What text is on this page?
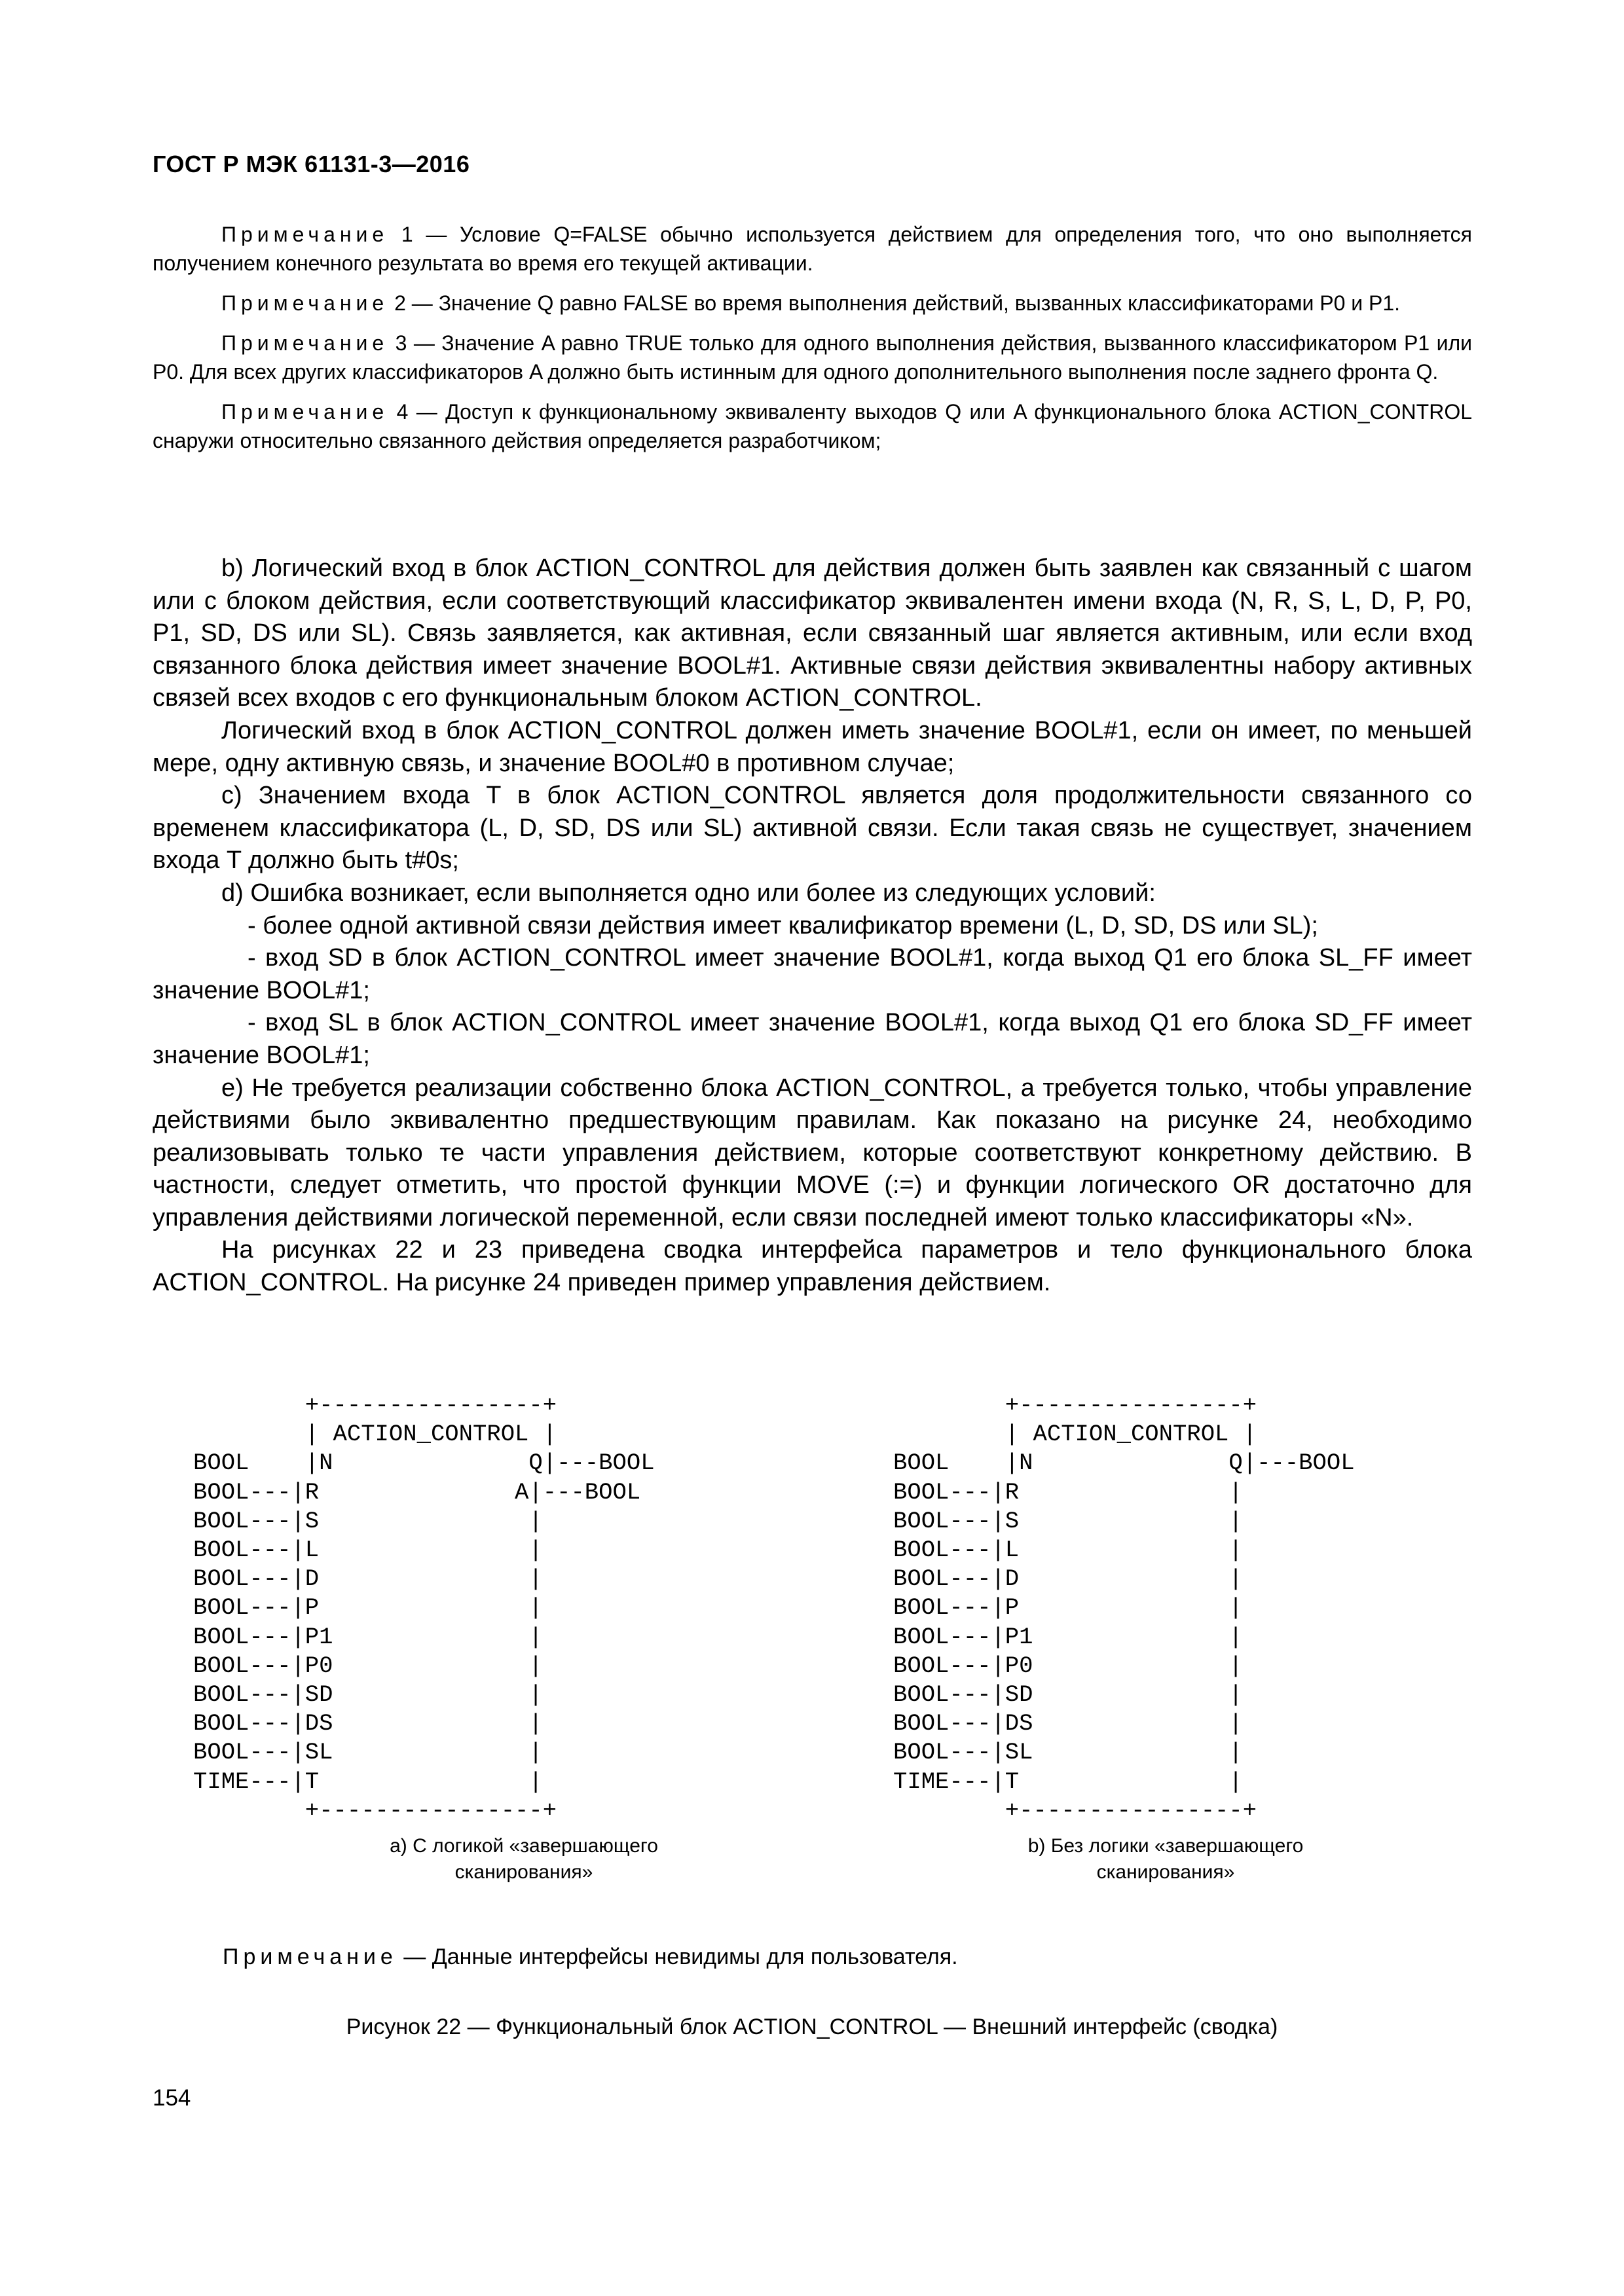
ГОСТ Р МЭК 61131-3—2016

Примечание 1 — Условие Q=FALSE обычно используется действием для определения того, что оно выполняется получением конечного результата во время его текущей активации.

Примечание 2 — Значение Q равно FALSE во время выполнения действий, вызванных классификаторами P0 и P1.

Примечание 3 — Значение A равно TRUE только для одного выполнения действия, вызванного классификатором P1 или P0. Для всех других классификаторов A должно быть истинным для одного дополнительного выполнения после заднего фронта Q.

Примечание 4 — Доступ к функциональному эквиваленту выходов Q или A функционального блока ACTION_CONTROL снаружи относительно связанного действия определяется разработчиком;

b) Логический вход в блок ACTION_CONTROL для действия должен быть заявлен как связанный с шагом или с блоком действия, если соответствующий классификатор эквивалентен имени входа (N, R, S, L, D, P, P0, P1, SD, DS или SL). Связь заявляется, как активная, если связанный шаг является активным, или если вход связанного блока действия имеет значение BOOL#1. Активные связи действия эквивалентны набору активных связей всех входов с его функциональным блоком ACTION_CONTROL.

Логический вход в блок ACTION_CONTROL должен иметь значение BOOL#1, если он имеет, по меньшей мере, одну активную связь, и значение BOOL#0 в противном случае;

c) Значением входа T в блок ACTION_CONTROL является доля продолжительности связанного со временем классификатора (L, D, SD, DS или SL) активной связи. Если такая связь не существует, значением входа T должно быть t#0s;

d) Ошибка возникает, если выполняется одно или более из следующих условий:

- более одной активной связи действия имеет квалификатор времени (L, D, SD, DS или SL);

- вход SD в блок ACTION_CONTROL имеет значение BOOL#1, когда выход Q1 его блока SL_FF имеет значение BOOL#1;

- вход SL в блок ACTION_CONTROL имеет значение BOOL#1, когда выход Q1 его блока SD_FF имеет значение BOOL#1;

e) Не требуется реализации собственно блока ACTION_CONTROL, а требуется только, чтобы управление действиями было эквивалентно предшествующим правилам. Как показано на рисунке 24, необходимо реализовывать только те части управления действием, которые соответствуют конкретному действию. В частности, следует отметить, что простой функции MOVE (:=) и функции логического OR достаточно для управления действиями логической переменной, если связи последней имеют только классификаторы «N».

На рисунках 22 и 23 приведена сводка интерфейса параметров и тело функционального блока ACTION_CONTROL. На рисунке 24 приведен пример управления действием.

+----------------+
| ACTION_CONTROL |
BOOL    |N              Q|---BOOL
BOOL---|R              A|---BOOL
BOOL---|S               |
BOOL---|L               |
BOOL---|D               |
BOOL---|P               |
BOOL---|P1              |
BOOL---|P0              |
BOOL---|SD              |
BOOL---|DS              |
BOOL---|SL              |
TIME---|T               |
+----------------+
+----------------+
| ACTION_CONTROL |
BOOL    |N              Q|---BOOL
BOOL---|R               |
BOOL---|S               |
BOOL---|L               |
BOOL---|D               |
BOOL---|P               |
BOOL---|P1              |
BOOL---|P0              |
BOOL---|SD              |
BOOL---|DS              |
BOOL---|SL              |
TIME---|T               |
+----------------+
a) С логикой «завершающего
сканирования»
b) Без логики «завершающего
сканирования»
Примечание — Данные интерфейсы невидимы для пользователя.
Рисунок 22 — Функциональный блок ACTION_CONTROL — Внешний интерфейс (сводка)
154
